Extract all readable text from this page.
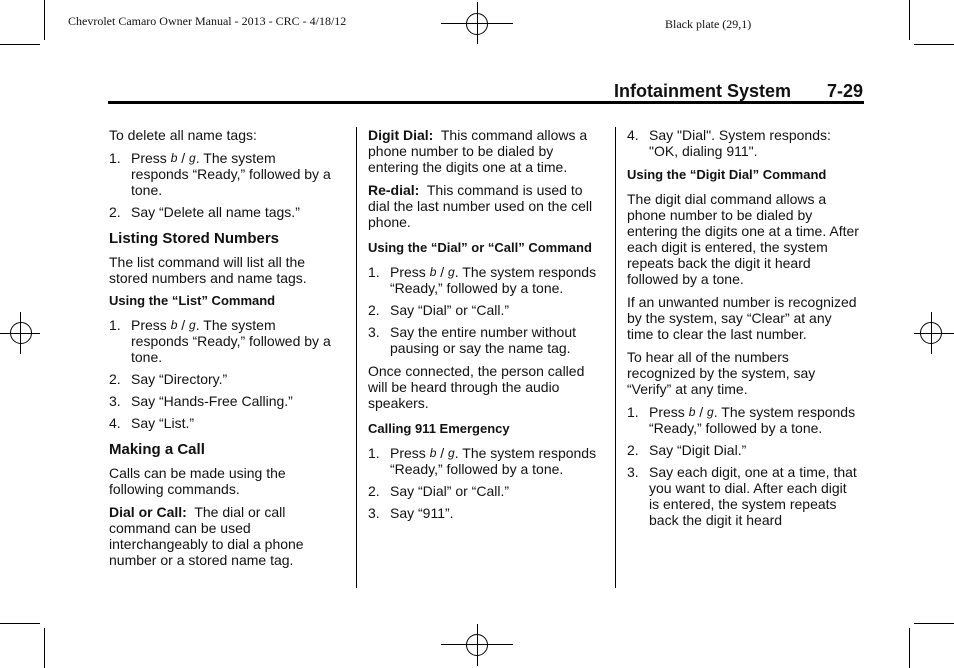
Chevrolet Camaro Owner Manual - 2013 - CRC - 4/18/12	Black plate (29,1)
Infotainment System 7-29

To delete all name tags:

1. Press b / g. The system responds “Ready,” followed by a tone.
2. Say “Delete all name tags.”
Listing Stored Numbers

The list command will list all the stored numbers and name tags.

Using the “List” Command
1. Press b / g. The system responds “Ready,” followed by a tone.
2. Say “Directory.”
3. Say “Hands-Free Calling.”
4. Say “List.”
Making a Call

Calls can be made using the following commands.

Dial or Call: The dial or call command can be used interchangeably to dial a phone number or a stored name tag.

Digit Dial: This command allows a phone number to be dialed by entering the digits one at a time.

Re-dial: This command is used to dial the last number used on the cell phone.

Using the “Dial” or “Call” Command
1. Press b / g. The system responds “Ready,” followed by a tone.
2. Say “Dial” or “Call.”
3. Say the entire number without pausing or say the name tag.

Once connected, the person called will be heard through the audio speakers.

Calling 911 Emergency
1. Press b / g. The system responds “Ready,” followed by a tone.
2. Say “Dial” or “Call.”
3. Say “911”.
4. Say "Dial". System responds: "OK, dialing 911".
Using the “Digit Dial” Command

The digit dial command allows a phone number to be dialed by entering the digits one at a time. After each digit is entered, the system repeats back the digit it heard followed by a tone.

If an unwanted number is recognized by the system, say “Clear” at any time to clear the last number.

To hear all of the numbers recognized by the system, say “Verify” at any time.

1. Press b / g. The system responds “Ready,” followed by a tone.
2. Say “Digit Dial.”
3. Say each digit, one at a time, that you want to dial. After each digit is entered, the system repeats back the digit it heard
